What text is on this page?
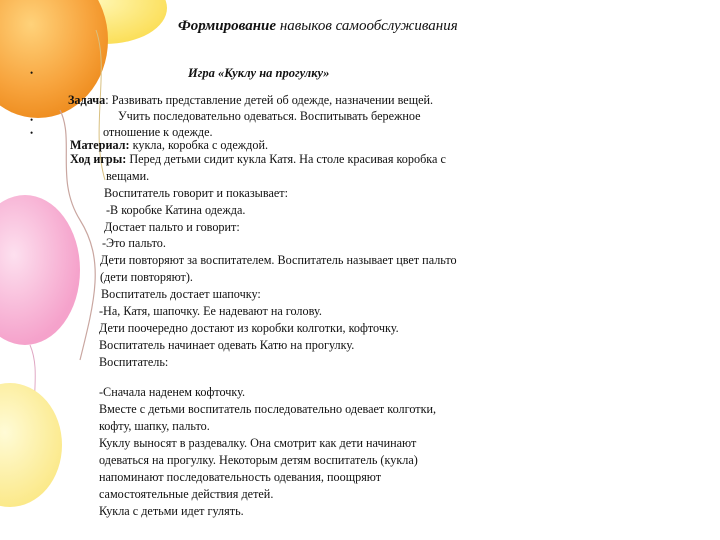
Формирование навыков самообслуживания
•	Игра «Куклу на прогулку»
•
•
Задача: Развивать представление детей об одежде, назначении вещей.
Учить последовательно одеваться. Воспитывать бережное
отношение к одежде.
Материал: кукла, коробка с одеждой.
Ход игры: Перед детьми сидит кукла Катя. На столе красивая коробка с
вещами.
Воспитатель говорит и показывает:
-В коробке Катина одежда.
Достает пальто и говорит:
-Это пальто.
Дети повторяют за воспитателем. Воспитатель называет цвет пальто
(дети повторяют).
Воспитатель достает шапочку:
-На, Катя, шапочку. Ее надевают на голову.
Дети поочередно достают из коробки колготки, кофточку.
Воспитатель начинает одевать Катю на прогулку.
Воспитатель:
-Сначала наденем кофточку.
Вместе с детьми воспитатель последовательно одевает колготки,
кофту, шапку, пальто.
Куклу выносят в раздевалку. Она смотрит как дети начинают
одеваться на прогулку. Некоторым детям воспитатель (кукла)
напоминают последовательность одевания, поощряют
самостоятельные действия детей.
Кукла с детьми идет гулять.
